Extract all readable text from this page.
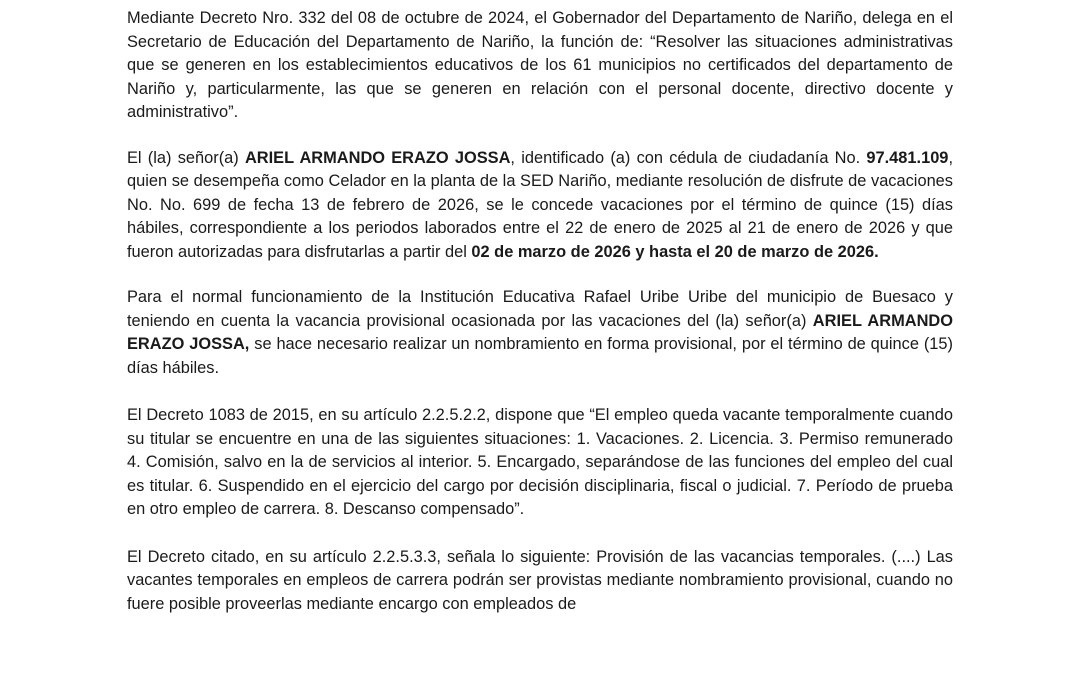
Mediante Decreto Nro. 332 del 08 de octubre de 2024, el Gobernador del Departamento de Nariño, delega en el Secretario de Educación del Departamento de Nariño, la función de: “Resolver las situaciones administrativas que se generen en los establecimientos educativos de los 61 municipios no certificados del departamento de Nariño y, particularmente, las que se generen en relación con el personal docente, directivo docente y administrativo”.

El (la) señor(a) ARIEL ARMANDO ERAZO JOSSA, identificado (a) con cédula de ciudadanía No. 97.481.109, quien se desempeña como Celador en la planta de la SED Nariño, mediante resolución de disfrute de vacaciones No. No. 699 de fecha 13 de febrero de 2026, se le concede vacaciones por el término de quince (15) días hábiles, correspondiente a los periodos laborados entre el 22 de enero de 2025 al 21 de enero de 2026 y que fueron autorizadas para disfrutarlas a partir del 02 de marzo de 2026 y hasta el 20 de marzo de 2026.

Para el normal funcionamiento de la Institución Educativa Rafael Uribe Uribe del municipio de Buesaco y teniendo en cuenta la vacancia provisional ocasionada por las vacaciones del (la) señor(a) ARIEL ARMANDO ERAZO JOSSA, se hace necesario realizar un nombramiento en forma provisional, por el término de quince (15) días hábiles.

El Decreto 1083 de 2015, en su artículo 2.2.5.2.2, dispone que “El empleo queda vacante temporalmente cuando su titular se encuentre en una de las siguientes situaciones: 1. Vacaciones. 2. Licencia. 3. Permiso remunerado 4. Comisión, salvo en la de servicios al interior. 5. Encargado, separándose de las funciones del empleo del cual es titular. 6. Suspendido en el ejercicio del cargo por decisión disciplinaria, fiscal o judicial. 7. Período de prueba en otro empleo de carrera. 8. Descanso compensado”.

El Decreto citado, en su artículo 2.2.5.3.3, señala lo siguiente: Provisión de las vacancias temporales. (....) Las vacantes temporales en empleos de carrera podrán ser provistas mediante nombramiento provisional, cuando no fuere posible proveerlas mediante encargo con empleados de
